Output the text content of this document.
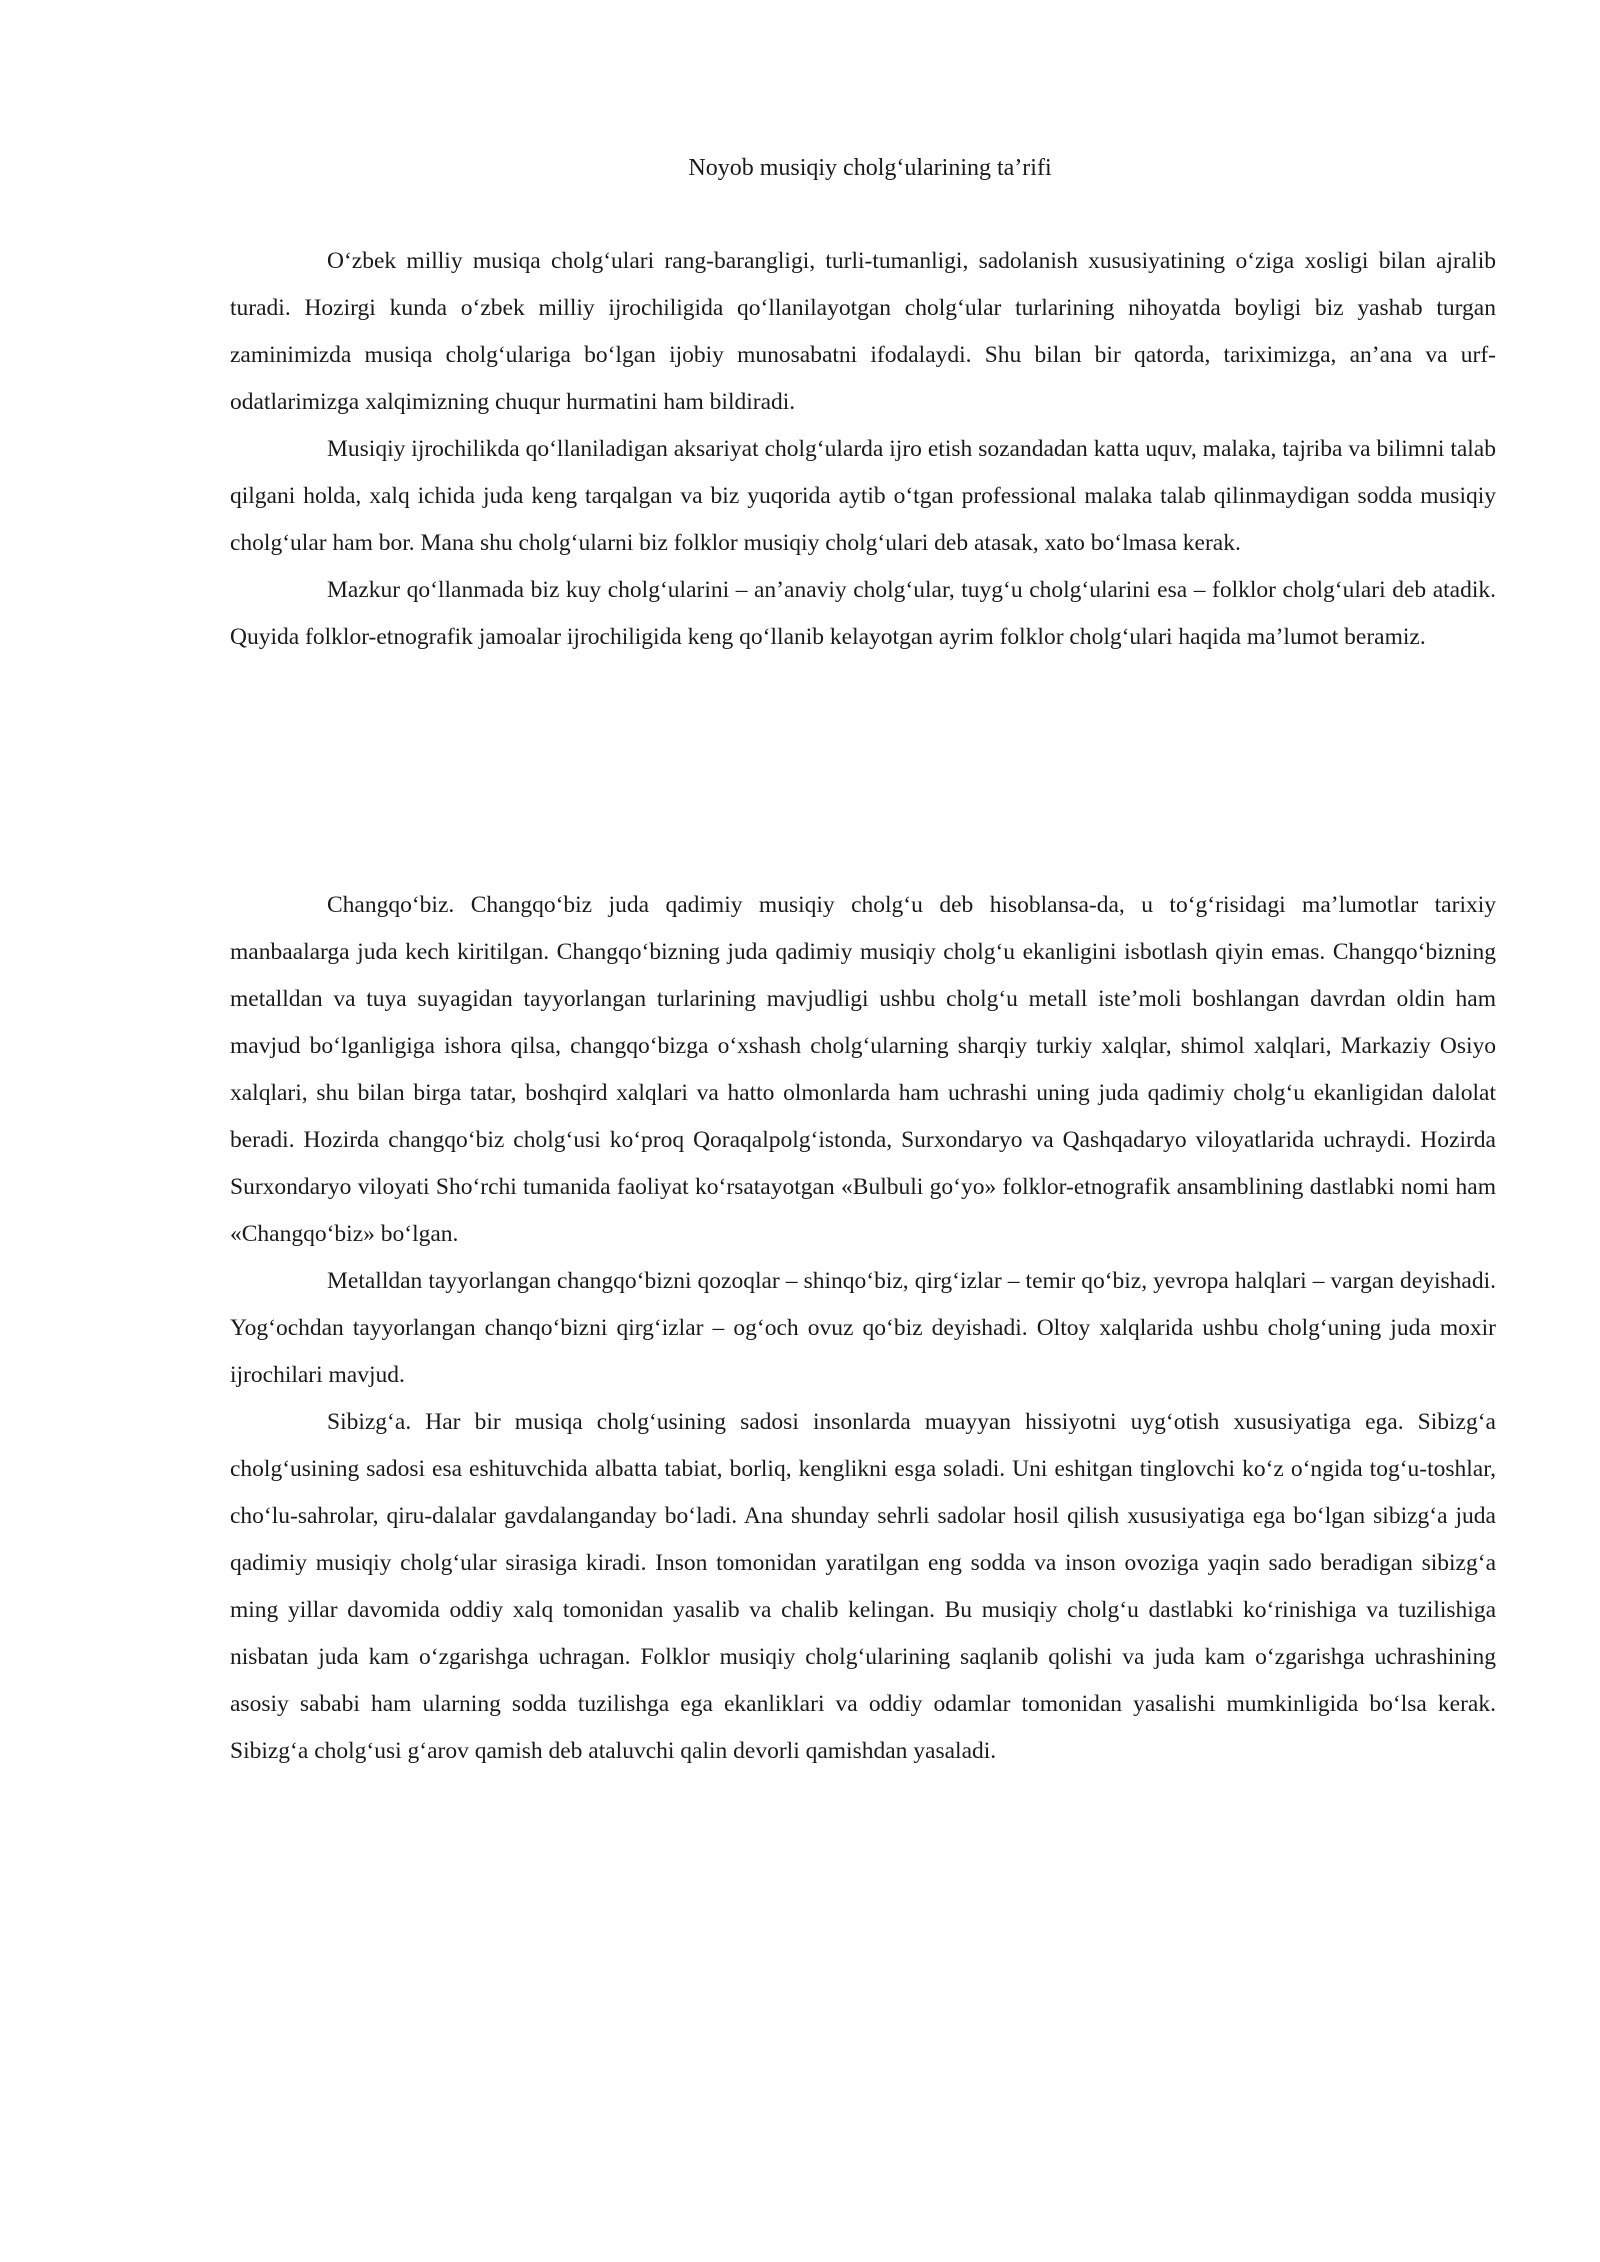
Noyob musiqiy cholg‘ularining ta’rifi

O‘zbek milliy musiqa cholg‘ulari rang-barangligi, turli-tumanligi, sadolanish xususiyatining o‘ziga xosligi bilan ajralib turadi. Hozirgi kunda o‘zbek milliy ijrochiligida qo‘llanilayotgan cholg‘ular turlarining nihoyatda boyligi biz yashab turgan zaminimizda musiqa cholg‘ulariga bo‘lgan ijobiy munosabatni ifodalaydi. Shu bilan bir qatorda, tariximizga, an’ana va urf-odatlarimizga xalqimizning chuqur hurmatini ham bildiradi.

Musiqiy ijrochilikda qo‘llaniladigan aksariyat cholg‘ularda ijro etish sozandadan katta uquv, malaka, tajriba va bilimni talab qilgani holda, xalq ichida juda keng tarqalgan va biz yuqorida aytib o‘tgan professional malaka talab qilinmaydigan sodda musiqiy cholg‘ular ham bor. Mana shu cholg‘ularni biz folklor musiqiy cholg‘ulari deb atasak, xato bo‘lmasa kerak.

Mazkur qo‘llanmada biz kuy cholg‘ularini – an’anaviy cholg‘ular, tuyg‘u cholg‘ularini esa – folklor cholg‘ulari deb atadik. Quyida folklor-etnografik jamoalar ijrochiligida keng qo‘llanib kelayotgan ayrim folklor cholg‘ulari haqida ma’lumot beramiz.

Changqo‘biz. Changqo‘biz juda qadimiy musiqiy cholg‘u deb hisoblansa-da, u to‘g‘risidagi ma’lumotlar tarixiy manbaalarga juda kech kiritilgan. Changqo‘bizning juda qadimiy musiqiy cholg‘u ekanligini isbotlash qiyin emas. Changqo‘bizning metalldan va tuya suyagidan tayyorlangan turlarining mavjudligi ushbu cholg‘u metall iste’moli boshlangan davrdan oldin ham mavjud bo‘lganligiga ishora qilsa, changqo‘bizga o‘xshash cholg‘ularning sharqiy turkiy xalqlar, shimol xalqlari, Markaziy Osiyo xalqlari, shu bilan birga tatar, boshqird xalqlari va hatto olmonlarda ham uchrashi uning juda qadimiy cholg‘u ekanligidan dalolat beradi. Hozirda changqo‘biz cholg‘usi ko‘proq Qoraqalpolg‘istonda, Surxondaryo va Qashqadaryo viloyatlarida uchraydi. Hozirda Surxondaryo viloyati Sho‘rchi tumanida faoliyat ko‘rsatayotgan «Bulbuli go‘yo» folklor-etnografik ansamblining dastlabki nomi ham «Changqo‘biz» bo‘lgan.

Metalldan tayyorlangan changqo‘bizni qozoqlar – shinqo‘biz, qirg‘izlar – temir qo‘biz, yevropa halqlari – vargan deyishadi. Yog‘ochdan tayyorlangan chanqo‘bizni qirg‘izlar – og‘och ovuz qo‘biz deyishadi. Oltoy xalqlarida ushbu cholg‘uning juda moxir ijrochilari mavjud.

Sibizg‘a. Har bir musiqa cholg‘usining sadosi insonlarda muayyan hissiyotni uyg‘otish xususiyatiga ega. Sibizg‘a cholg‘usining sadosi esa eshituvchida albatta tabiat, borliq, kenglikni esga soladi. Uni eshitgan tinglovchi ko‘z o‘ngida tog‘u-toshlar, cho‘lu-sahrolar, qiru-dalalar gavdalanganday bo‘ladi. Ana shunday sehrli sadolar hosil qilish xususiyatiga ega bo‘lgan sibizg‘a juda qadimiy musiqiy cholg‘ular sirasiga kiradi. Inson tomonidan yaratilgan eng sodda va inson ovoziga yaqin sado beradigan sibizg‘a ming yillar davomida oddiy xalq tomonidan yasalib va chalib kelingan. Bu musiqiy cholg‘u dastlabki ko‘rinishiga va tuzilishiga nisbatan juda kam o‘zgarishga uchragan. Folklor musiqiy cholg‘ularining saqlanib qolishi va juda kam o‘zgarishga uchrashining asosiy sababi ham ularning sodda tuzilishga ega ekanliklari va oddiy odamlar tomonidan yasalishi mumkinligida bo‘lsa kerak. Sibizg‘a cholg‘usi g‘arov qamish deb ataluvchi qalin devorli qamishdan yasaladi.
